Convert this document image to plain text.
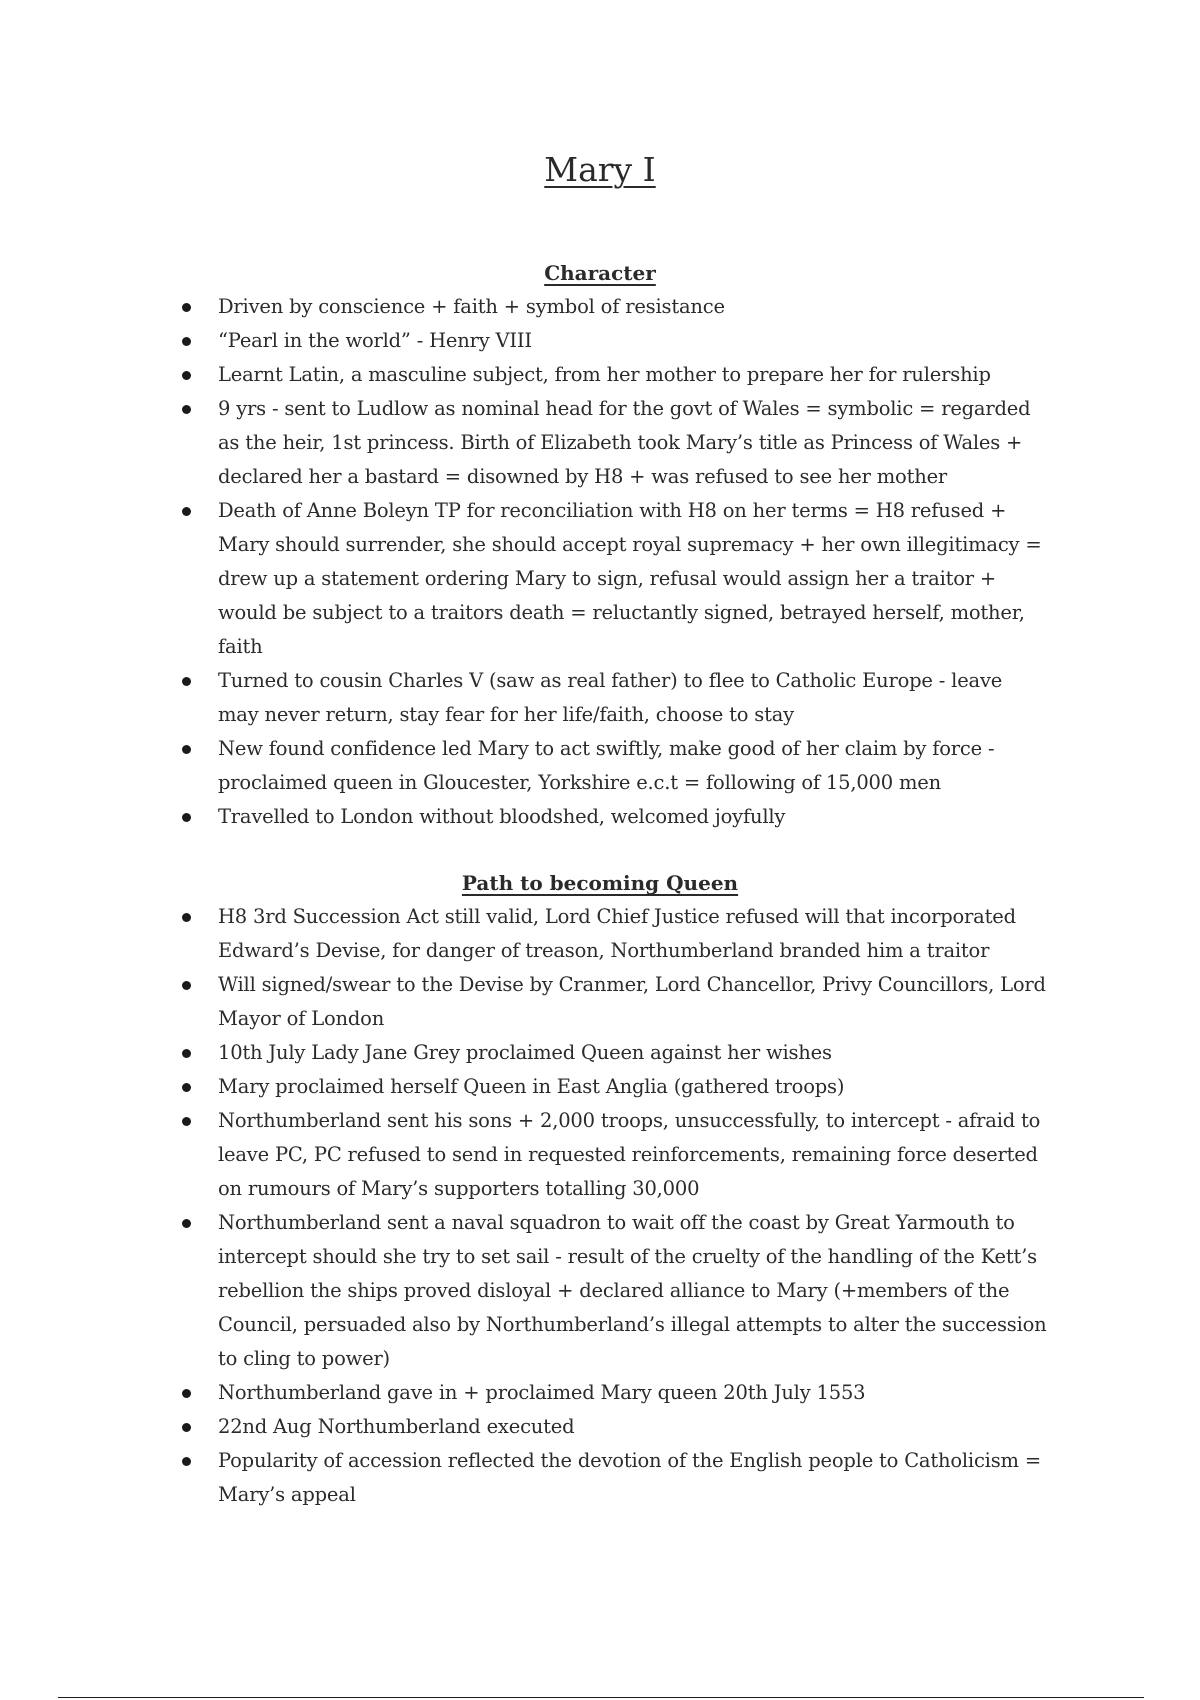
Mary I
Character
Driven by conscience + faith + symbol of resistance
“Pearl in the world” - Henry VIII
Learnt Latin, a masculine subject, from her mother to prepare her for rulership
9 yrs - sent to Ludlow as nominal head for the govt of Wales = symbolic = regarded as the heir, 1st princess. Birth of Elizabeth took Mary’s title as Princess of Wales + declared her a bastard = disowned by H8 + was refused to see her mother
Death of Anne Boleyn TP for reconciliation with H8 on her terms = H8 refused + Mary should surrender, she should accept royal supremacy + her own illegitimacy = drew up a statement ordering Mary to sign, refusal would assign her a traitor + would be subject to a traitors death = reluctantly signed, betrayed herself, mother, faith
Turned to cousin Charles V (saw as real father) to flee to Catholic Europe - leave may never return, stay fear for her life/faith, choose to stay
New found confidence led Mary to act swiftly, make good of her claim by force - proclaimed queen in Gloucester, Yorkshire e.c.t = following of 15,000 men
Travelled to London without bloodshed, welcomed joyfully
Path to becoming Queen
H8 3rd Succession Act still valid, Lord Chief Justice refused will that incorporated Edward’s Devise, for danger of treason, Northumberland branded him a traitor
Will signed/swear to the Devise by Cranmer, Lord Chancellor, Privy Councillors, Lord Mayor of London
10th July Lady Jane Grey proclaimed Queen against her wishes
Mary proclaimed herself Queen in East Anglia (gathered troops)
Northumberland sent his sons + 2,000 troops, unsuccessfully, to intercept - afraid to leave PC, PC refused to send in requested reinforcements, remaining force deserted on rumours of Mary’s supporters totalling 30,000
Northumberland sent a naval squadron to wait off the coast by Great Yarmouth to intercept should she try to set sail - result of the cruelty of the handling of the Kett’s rebellion the ships proved disloyal + declared alliance to Mary (+members of the Council, persuaded also by Northumberland’s illegal attempts to alter the succession to cling to power)
Northumberland gave in + proclaimed Mary queen 20th July 1553
22nd Aug Northumberland executed
Popularity of accession reflected the devotion of the English people to Catholicism = Mary’s appeal
